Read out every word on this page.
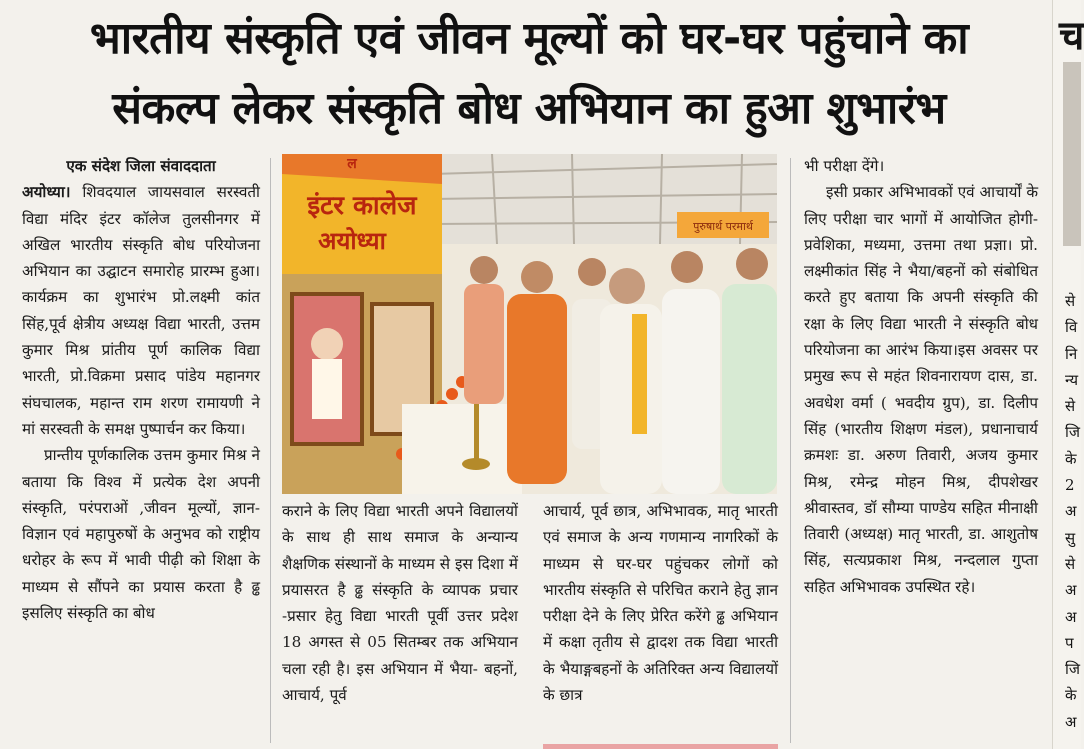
भारतीय संस्कृति एवं जीवन मूल्यों को घर-घर पहुंचाने का
संकल्प लेकर संस्कृति बोध अभियान का हुआ शुभारंभ

एक संदेश जिला संवाददाता

अयोध्या। शिवदयाल जायसवाल सरस्वती विद्या मंदिर इंटर कॉलेज तुलसीनगर में अखिल भारतीय संस्कृति बोध परियोजना अभियान का उद्घाटन समारोह प्रारम्भ हुआ। कार्यक्रम का शुभारंभ प्रो.लक्ष्मी कांत सिंह,पूर्व क्षेत्रीय अध्यक्ष विद्या भारती, उत्तम कुमार मिश्र प्रांतीय पूर्ण कालिक विद्या भारती, प्रो.विक्रमा प्रसाद पांडेय महानगर संघचालक, महान्त राम शरण रामायणी ने मां सरस्वती के समक्ष पुष्पार्चन कर किया।

प्रान्तीय पूर्णकालिक उत्तम कुमार मिश्र ने बताया कि विश्व में प्रत्येक देश अपनी संस्कृति, परंपराओं ,जीवन मूल्यों, ज्ञान- विज्ञान एवं महापुरुषों के अनुभव को राष्ट्रीय धरोहर के रूप में भावी पीढ़ी को शिक्षा के माध्यम से सौंपने का प्रयास करता है ढ्ढ इसलिए संस्कृति का बोध

पुरुषार्थ परमार्थ
ल
इंटर कालेज
अयोध्या

कराने के लिए विद्या भारती अपने विद्यालयों के साथ ही साथ समाज के अन्यान्य शैक्षणिक संस्थानों के माध्यम से इस दिशा में प्रयासरत है ढ्ढ संस्कृति के व्यापक प्रचार -प्रसार हेतु विद्या भारती पूर्वी उत्तर प्रदेश 18 अगस्त से 05 सितम्बर तक अभियान चला रही है। इस अभियान में भैया- बहनों, आचार्य, पूर्व

आचार्य, पूर्व छात्र, अभिभावक, मातृ भारती एवं समाज के अन्य गणमान्य नागरिकों के माध्यम से घर-घर पहुंचकर लोगों को भारतीय संस्कृति से परिचित कराने हेतु ज्ञान परीक्षा देने के लिए प्रेरित करेंगे ढ्ढ अभियान में कक्षा तृतीय से द्वादश तक विद्या भारती के भैयाङ्गबहनों के अतिरिक्त अन्य विद्यालयों के छात्र

भी परीक्षा देंगे।

इसी प्रकार अभिभावकों एवं आचार्यों के लिए परीक्षा चार भागों में आयोजित होगी- प्रवेशिका, मध्यमा, उत्तमा तथा प्रज्ञा। प्रो. लक्ष्मीकांत सिंह ने भैया/बहनों को संबोधित करते हुए बताया कि अपनी संस्कृति की रक्षा के लिए विद्या भारती ने संस्कृति बोध परियोजना का आरंभ किया।इस अवसर पर प्रमुख रूप से महंत शिवनारायण दास, डा. अवधेश वर्मा ( भवदीय ग्रुप), डा. दिलीप सिंह (भारतीय शिक्षण मंडल), प्रधानाचार्य क्रमशः डा. अरुण तिवारी, अजय कुमार मिश्र, रमेन्द्र मोहन मिश्र, दीपशेखर श्रीवास्तव, डॉ सौम्या पाण्डेय सहित मीनाक्षी तिवारी (अध्यक्ष) मातृ भारती, डा. आशुतोष सिंह, सत्यप्रकाश मिश्र, नन्दलाल गुप्ता सहित अभिभावक उपस्थित रहे।

च
से
वि
नि
न्य
से
जि
के
2
अ
सु
से
अ
अ
प
जि
के
अ
